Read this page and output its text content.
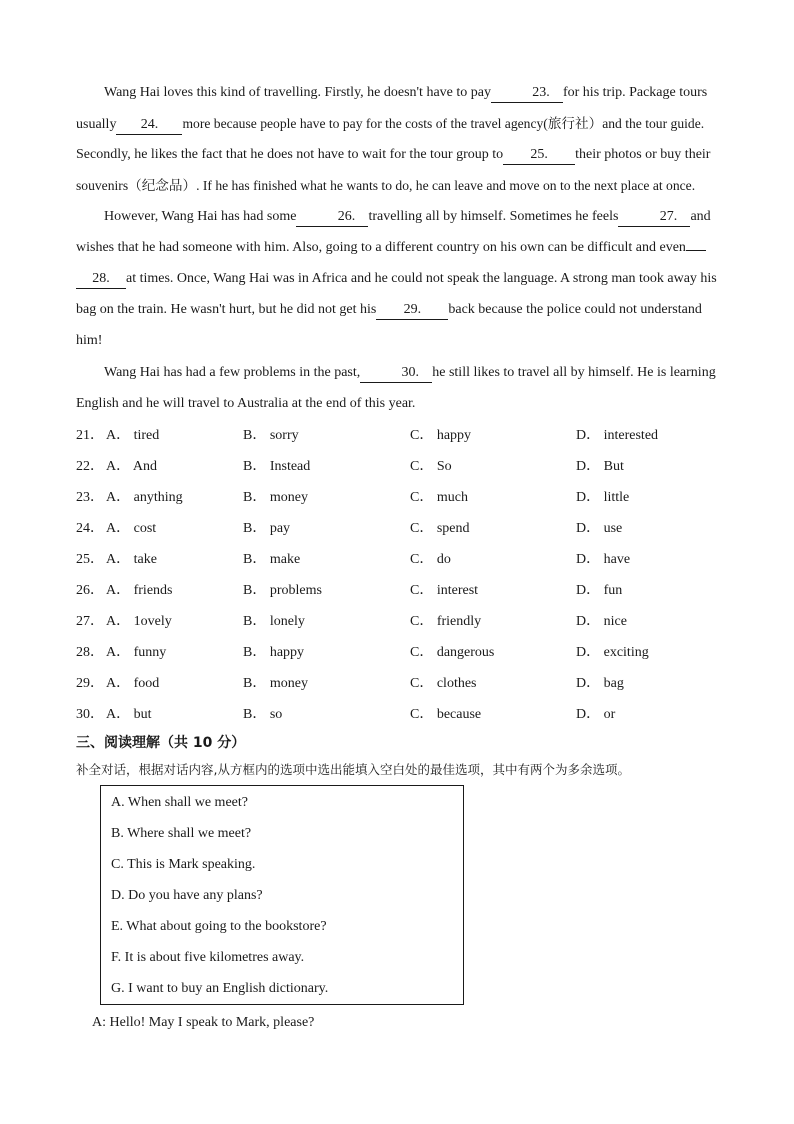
Wang Hai loves this kind of travelling. Firstly, he doesn't have to pay	23. for his trip. Package tours
usually 24. more because people have to pay for the costs of the travel agency(旅行社）and the tour guide.
Secondly, he likes the fact that he does not have to wait for the tour group to 25. their photos or buy their
souvenirs（纪念品）. If he has finished what he wants to do, he can leave and move on to the next place at once.
However, Wang Hai has had some	26. travelling all by himself. Sometimes he feels	27. and
wishes that he had someone with him. Also, going to a different country on his own can be difficult and even
28. at times. Once, Wang Hai was in Africa and he could not speak the language. A strong man took away his
bag on the train. He wasn't hurt, but he did not get his 29. back because the police could not understand
him!
Wang Hai has had a few problems in the past,	30. he still likes to travel all by himself. He is learning
English and he will travel to Australia at the end of this year.
21． A． tired	B． sorry	C． happy	D． interested
22． A． And	B． Instead	C． So	D． But
23． A． anything	B． money	C． much	D． little
24． A． cost	B． pay	C． spend	D． use
25． A． take	B． make	C． do	D． have
26． A． friends	B． problems	C． interest	D． fun
27． A． 1ovely	B． lonely	C． friendly	D． nice
28． A． funny	B． happy	C． dangerous	D． exciting
29． A． food	B． money	C． clothes	D． bag
30． A． but	B． so	C． because	D． or
三、阅读理解（共 10 分）
补全对话，根据对话内容,从方框内的选项中选出能填入空白处的最佳选项，其中有两个为多余选项。
A. When shall we meet?
B. Where shall we meet?
C. This is Mark speaking.
D. Do you have any plans?
E. What about going to the bookstore?
F. It is about five kilometres away.
G. I want to buy an English dictionary.
A: Hello! May I speak to Mark, please?
